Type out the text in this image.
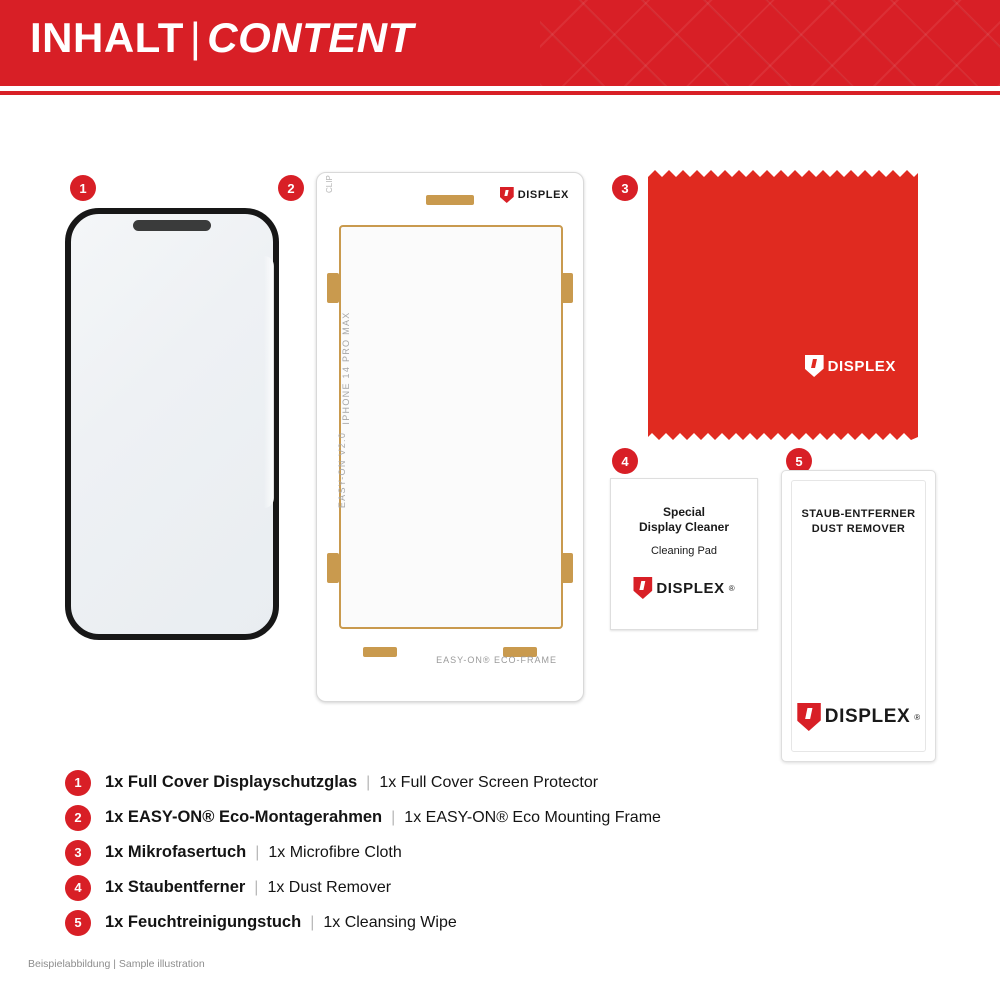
INHALT | CONTENT
1	2	CLIP
IPHONE 14 PRO MAX
EASY-ON V2.0
EASY-ON® ECO-FRAME
DISPLEX	3
DISPLEX
4
Special
Display Cleaner
Cleaning Pad
DISPLEX ®
5
STAUB-ENTFERNER
DUST REMOVER
DISPLEX ®
1	1x Full Cover Displayschutzglas | 1x Full Cover Screen Protector
2	1x EASY-ON® Eco-Montagerahmen | 1x EASY-ON® Eco Mounting Frame
3	1x Mikrofasertuch | 1x Microfibre Cloth
4	1x Staubentferner | 1x Dust Remover
5	1x Feuchtreinigungstuch | 1x Cleansing Wipe
Beispielabbildung | Sample illustration
